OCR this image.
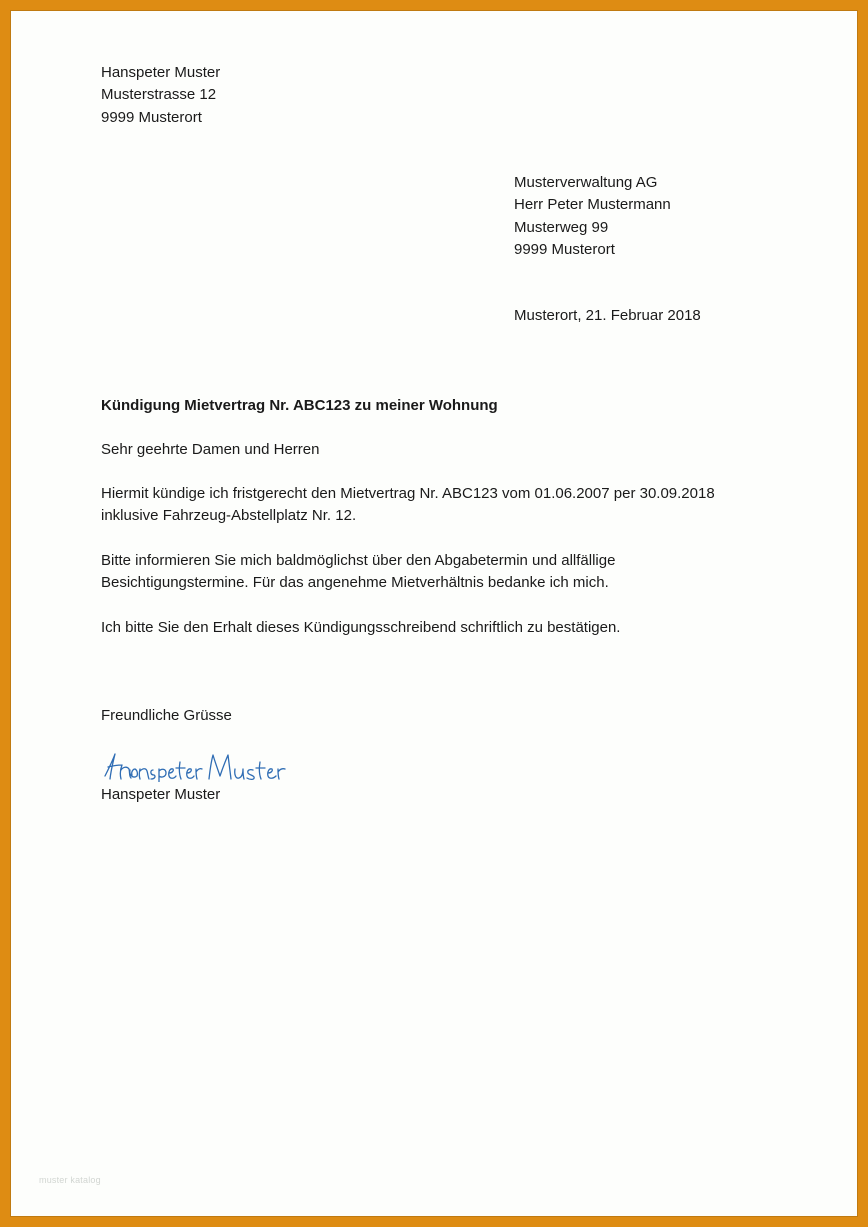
Hanspeter Muster
Musterstrasse 12
9999 Musterort
Musterverwaltung AG
Herr Peter Mustermann
Musterweg 99
9999 Musterort
Musterort, 21. Februar 2018
Kündigung Mietvertrag Nr. ABC123 zu meiner Wohnung
Sehr geehrte Damen und Herren
Hiermit kündige ich fristgerecht den Mietvertrag Nr. ABC123 vom 01.06.2007 per 30.09.2018
inklusive Fahrzeug-Abstellplatz Nr. 12.
Bitte informieren Sie mich baldmöglichst über den Abgabetermin und allfällige
Besichtigungstermine. Für das angenehme Mietverhältnis bedanke ich mich.
Ich bitte Sie den Erhalt dieses Kündigungsschreibend schriftlich zu bestätigen.
Freundliche Grüsse
Hanspeter Muster
muster katalog
